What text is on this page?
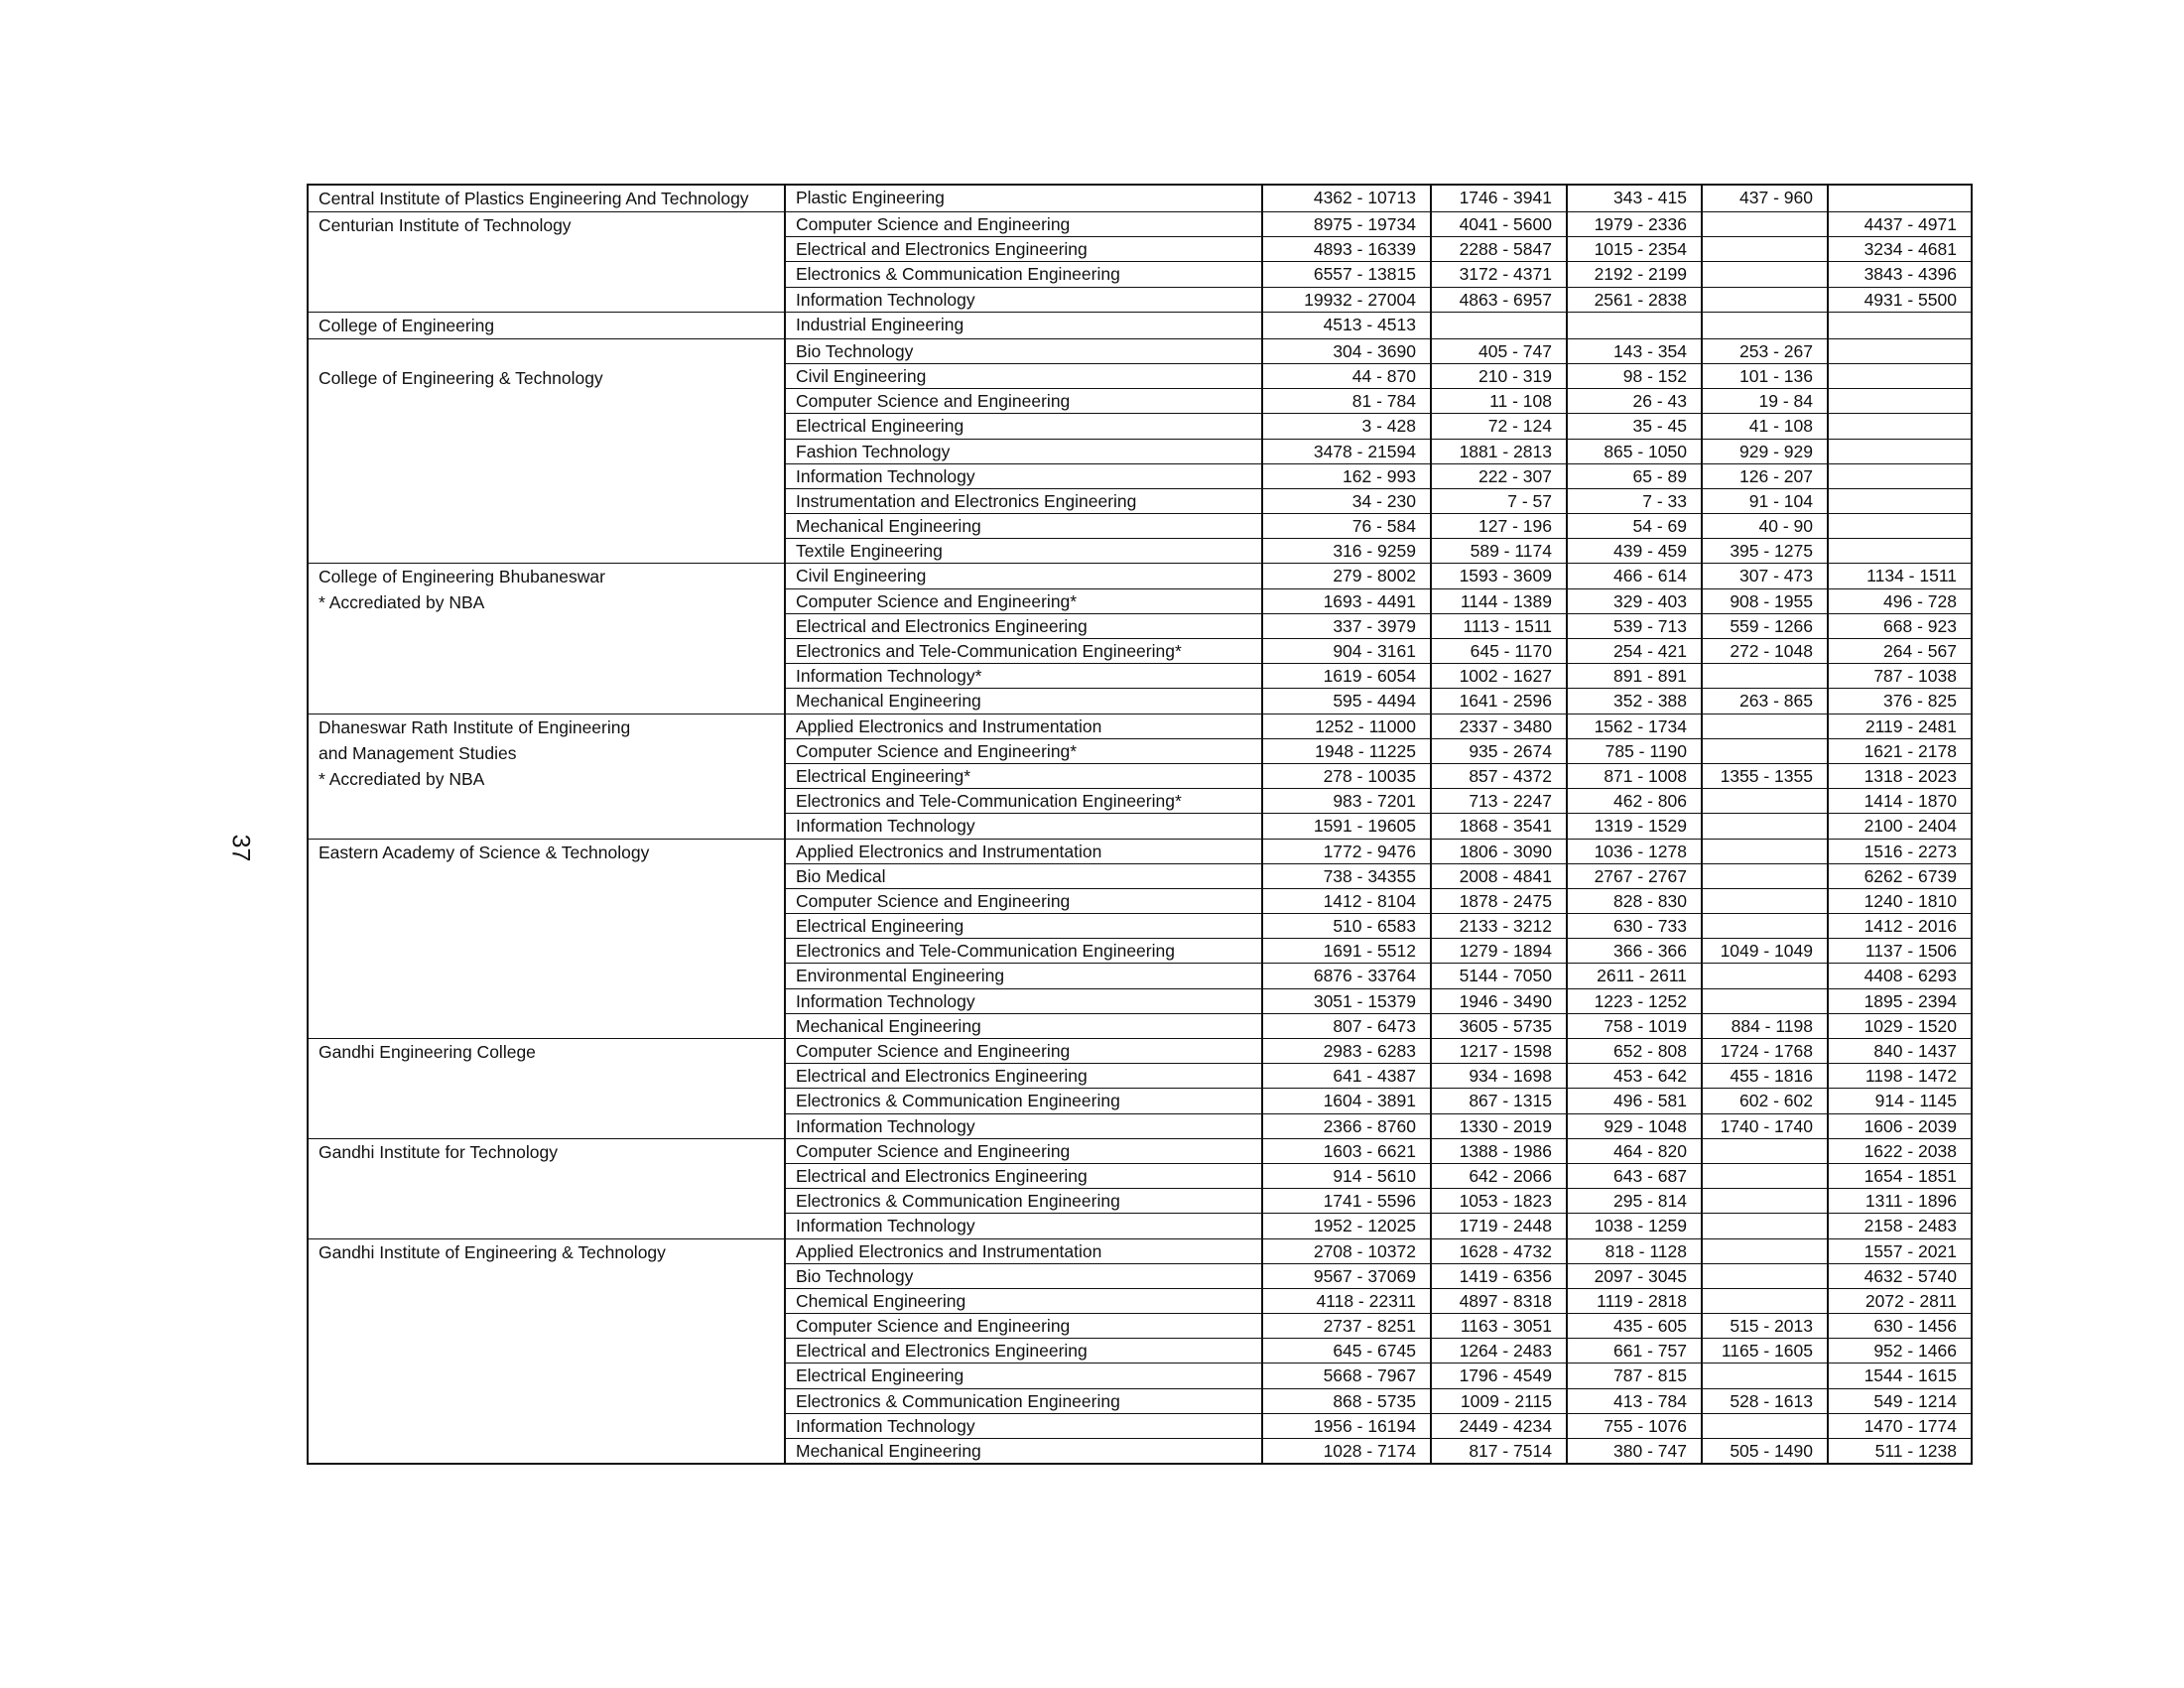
37
Central Institute of Plastics Engineering And Technology	Plastic Engineering	4362 - 10713	1746 - 3941	343 - 415	437 - 960	

Centurian Institute of Technology	Computer Science and Engineering	8975 - 19734	4041 - 5600	1979 - 2336		4437 - 4971
	Electrical and Electronics Engineering	4893 - 16339	2288 - 5847	1015 - 2354		3234 - 4681
	Electronics & Communication Engineering	6557 - 13815	3172 - 4371	2192 - 2199		3843 - 4396
	Information Technology	19932 - 27004	4863 - 6957	2561 - 2838		4931 - 5500

College of Engineering	Industrial Engineering	4513 - 4513				

College of Engineering & Technology	Bio Technology	304 - 3690	405 - 747	143 - 354	253 - 267	
	Civil Engineering	44 - 870	210 - 319	98 - 152	101 - 136	
	Computer Science and Engineering	81 - 784	11 - 108	26 - 43	19 - 84	
	Electrical Engineering	3 - 428	72 - 124	35 - 45	41 - 108	
	Fashion Technology	3478 - 21594	1881 - 2813	865 - 1050	929 - 929	
	Information Technology	162 - 993	222 - 307	65 - 89	126 - 207	
	Instrumentation and Electronics Engineering	34 - 230	7 - 57	7 - 33	91 - 104	
	Mechanical Engineering	76 - 584	127 - 196	54 - 69	40 - 90	
	Textile Engineering	316 - 9259	589 - 1174	439 - 459	395 - 1275	

College of Engineering Bhubaneswar
* Accrediated by NBA	Civil Engineering	279 - 8002	1593 - 3609	466 - 614	307 - 473	1134 - 1511
	Computer Science and Engineering*	1693 - 4491	1144 - 1389	329 - 403	908 - 1955	496 - 728
	Electrical and Electronics Engineering	337 - 3979	1113 - 1511	539 - 713	559 - 1266	668 - 923
	Electronics and Tele-Communication Engineering*	904 - 3161	645 - 1170	254 - 421	272 - 1048	264 - 567
	Information Technology*	1619 - 6054	1002 - 1627	891 - 891		787 - 1038
	Mechanical Engineering	595 - 4494	1641 - 2596	352 - 388	263 - 865	376 - 825

Dhaneswar Rath Institute of Engineering
and Management Studies
* Accrediated by NBA	Applied Electronics and Instrumentation	1252 - 11000	2337 - 3480	1562 - 1734		2119 - 2481
	Computer Science and Engineering*	1948 - 11225	935 - 2674	785 - 1190		1621 - 2178
	Electrical Engineering*	278 - 10035	857 - 4372	871 - 1008	1355 - 1355	1318 - 2023
	Electronics and Tele-Communication Engineering*	983 - 7201	713 - 2247	462 - 806		1414 - 1870
	Information Technology	1591 - 19605	1868 - 3541	1319 - 1529		2100 - 2404

Eastern Academy of Science & Technology	Applied Electronics and Instrumentation	1772 - 9476	1806 - 3090	1036 - 1278		1516 - 2273
	Bio Medical	738 - 34355	2008 - 4841	2767 - 2767		6262 - 6739
	Computer Science and Engineering	1412 - 8104	1878 - 2475	828 - 830		1240 - 1810
	Electrical Engineering	510 - 6583	2133 - 3212	630 - 733		1412 - 2016
	Electronics and Tele-Communication Engineering	1691 - 5512	1279 - 1894	366 - 366	1049 - 1049	1137 - 1506
	Environmental Engineering	6876 - 33764	5144 - 7050	2611 - 2611		4408 - 6293
	Information Technology	3051 - 15379	1946 - 3490	1223 - 1252		1895 - 2394
	Mechanical Engineering	807 - 6473	3605 - 5735	758 - 1019	884 - 1198	1029 - 1520

Gandhi Engineering College	Computer Science and Engineering	2983 - 6283	1217 - 1598	652 - 808	1724 - 1768	840 - 1437
	Electrical and Electronics Engineering	641 - 4387	934 - 1698	453 - 642	455 - 1816	1198 - 1472
	Electronics & Communication Engineering	1604 - 3891	867 - 1315	496 - 581	602 - 602	914 - 1145
	Information Technology	2366 - 8760	1330 - 2019	929 - 1048	1740 - 1740	1606 - 2039

Gandhi Institute for Technology	Computer Science and Engineering	1603 - 6621	1388 - 1986	464 - 820		1622 - 2038
	Electrical and Electronics Engineering	914 - 5610	642 - 2066	643 - 687		1654 - 1851
	Electronics & Communication Engineering	1741 - 5596	1053 - 1823	295 - 814		1311 - 1896
	Information Technology	1952 - 12025	1719 - 2448	1038 - 1259		2158 - 2483

Gandhi Institute of Engineering & Technology	Applied Electronics and Instrumentation	2708 - 10372	1628 - 4732	818 - 1128		1557 - 2021
	Bio Technology	9567 - 37069	1419 - 6356	2097 - 3045		4632 - 5740
	Chemical Engineering	4118 - 22311	4897 - 8318	1119 - 2818		2072 - 2811
	Computer Science and Engineering	2737 - 8251	1163 - 3051	435 - 605	515 - 2013	630 - 1456
	Electrical and Electronics Engineering	645 - 6745	1264 - 2483	661 - 757	1165 - 1605	952 - 1466
	Electrical Engineering	5668 - 7967	1796 - 4549	787 - 815		1544 - 1615
	Electronics & Communication Engineering	868 - 5735	1009 - 2115	413 - 784	528 - 1613	549 - 1214
	Information Technology	1956 - 16194	2449 - 4234	755 - 1076		1470 - 1774
	Mechanical Engineering	1028 - 7174	817 - 7514	380 - 747	505 - 1490	511 - 1238
